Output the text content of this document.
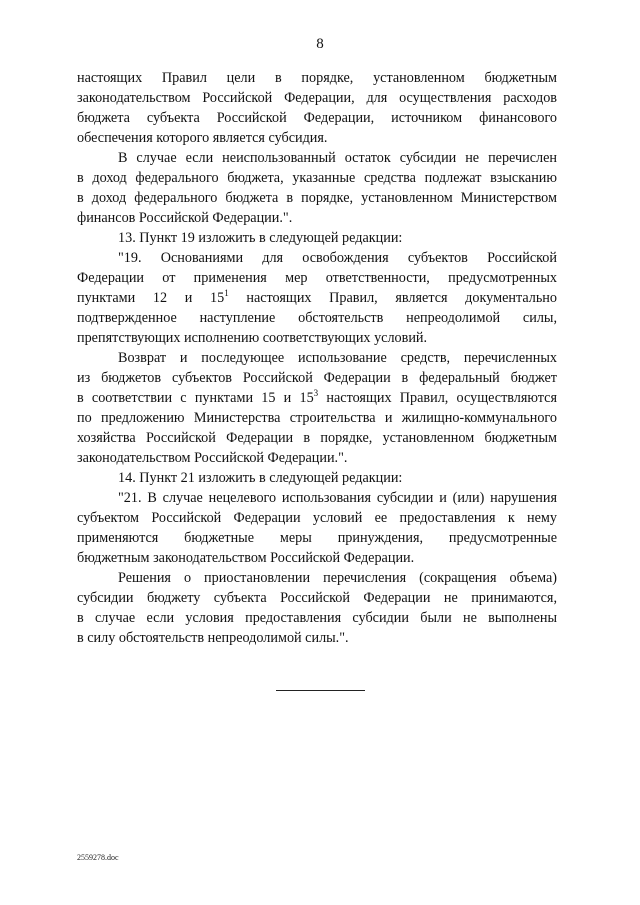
8

настоящих Правил цели в порядке, установленном бюджетным
законодательством Российской Федерации, для осуществления расходов
бюджета субъекта Российской Федерации, источником финансового
обеспечения которого является субсидия.

В случае если неиспользованный остаток субсидии не перечислен
в доход федерального бюджета, указанные средства подлежат взысканию
в доход федерального бюджета в порядке, установленном Министерством
финансов Российской Федерации.".

13. Пункт 19 изложить в следующей редакции:

"19. Основаниями для освобождения субъектов Российской
Федерации от применения мер ответственности, предусмотренных
пунктами 12 и $15^1$ настоящих Правил, является документально
подтвержденное наступление обстоятельств непреодолимой силы,
препятствующих исполнению соответствующих условий.

Возврат и последующее использование средств, перечисленных
из бюджетов субъектов Российской Федерации в федеральный бюджет
в соответствии с пунктами 15 и $15^3$ настоящих Правил, осуществляются
по предложению Министерства строительства и жилищно-коммунального
хозяйства Российской Федерации в порядке, установленном бюджетным
законодательством Российской Федерации.".

14. Пункт 21 изложить в следующей редакции:

"21. В случае нецелевого использования субсидии и (или) нарушения
субъектом Российской Федерации условий ее предоставления к нему
применяются бюджетные меры принуждения, предусмотренные
бюджетным законодательством Российской Федерации.

Решения о приостановлении перечисления (сокращения объема)
субсидии бюджету субъекта Российской Федерации не принимаются,
в случае если условия предоставления субсидии были не выполнены
в силу обстоятельств непреодолимой силы.".

2559278.doc
